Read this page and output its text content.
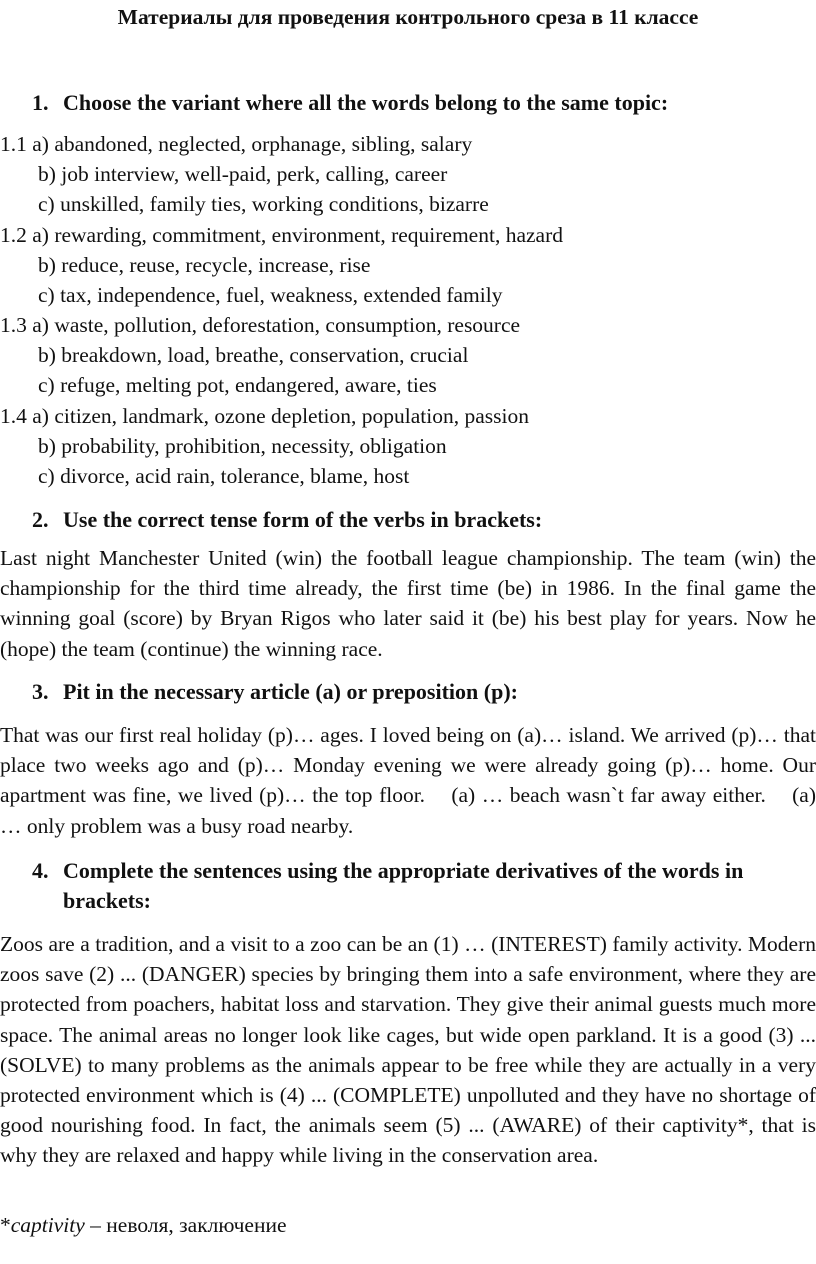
Материалы для проведения контрольного среза в 11 классе
1. Choose the variant where all the words belong to the same topic:
1.1 a) abandoned, neglected, orphanage, sibling, salary
b) job interview, well-paid, perk, calling, career
c) unskilled, family ties, working conditions, bizarre
1.2 a) rewarding, commitment, environment, requirement, hazard
b) reduce, reuse, recycle, increase, rise
c) tax, independence, fuel, weakness, extended family
1.3 a) waste, pollution, deforestation, consumption, resource
b) breakdown, load, breathe, conservation, crucial
c) refuge, melting pot, endangered, aware, ties
1.4 a) citizen, landmark, ozone depletion, population, passion
b) probability, prohibition, necessity, obligation
c) divorce, acid rain, tolerance, blame, host
2. Use the correct tense form of the verbs in brackets:
Last night Manchester United (win) the football league championship. The team (win) the championship for the third time already, the first time (be) in 1986. In the final game the winning goal (score) by Bryan Rigos who later said it (be) his best play for years. Now he (hope) the team (continue) the winning race.
3. Pit in the necessary article (a) or preposition (p):
That was our first real holiday (p)… ages. I loved being on (a)… island. We arrived (p)… that place two weeks ago and (p)… Monday evening we were already going (p)… home. Our apartment was fine, we lived (p)… the top floor.    (a) … beach wasn`t far away either.    (a) … only problem was a busy road nearby.
4. Complete the sentences using the appropriate derivatives of the words in brackets:
Zoos are a tradition, and a visit to a zoo can be an (1) … (INTEREST) family activity. Modern zoos save (2) ... (DANGER) species by bringing them into a safe environment, where they are protected from poachers, habitat loss and starvation. They give their animal guests much more space. The animal areas no longer look like cages, but wide open parkland. It is a good (3) ... (SOLVE) to many problems as the animals appear to be free while they are actually in a very protected environment which is (4) ... (COMPLETE) unpolluted and they have no shortage of good nourishing food. In fact, the animals seem (5) ... (AWARE) of their captivity*, that is why they are relaxed and happy while living in the conservation area.
*captivity – неволя, заключение
